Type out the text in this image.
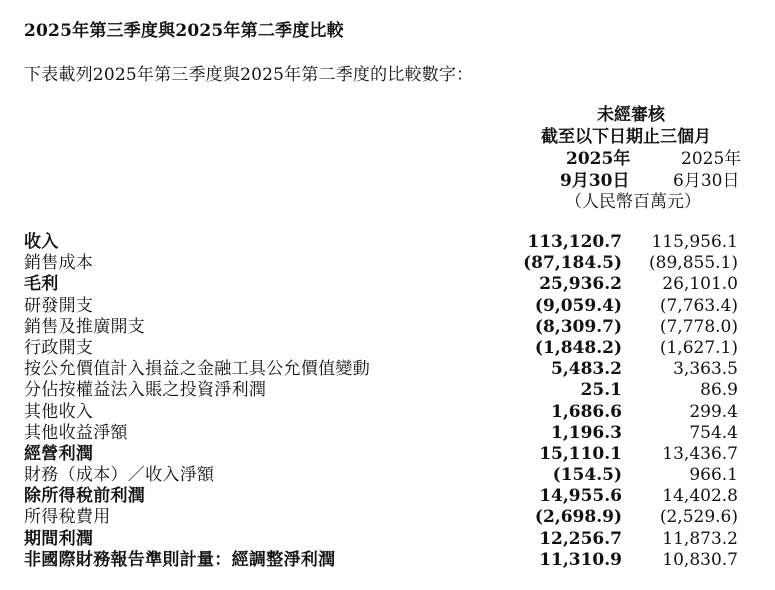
2025年第三季度與2025年第二季度比較
下表載列2025年第三季度與2025年第二季度的比較數字：
未經審核
截至以下日期止三個月
2025年	2025年
9月30日	6月30日
（人民幣百萬元）
收入	113,120.7 115,956.1
銷售成本	(87,184.5) (89,855.1)
毛利	25,936.2 26,101.0
研發開支	(9,059.4) (7,763.4)
銷售及推廣開支	(8,309.7) (7,778.0)
行政開支	(1,848.2) (1,627.1)
按公允價值計入損益之金融工具公允價值變動	5,483.2	3,363.5
分佔按權益法入賬之投資淨利潤	25.1	86.9
其他收入	1,686.6	299.4
其他收益淨額	1,196.3	754.4
經營利潤	15,110.1 13,436.7
財務（成本）／收入淨額	(154.5)	966.1
除所得稅前利潤	14,955.6 14,402.8
所得稅費用	(2,698.9) (2,529.6)
期間利潤	12,256.7 11,873.2
非國際財務報告準則計量：經調整淨利潤	11,310.9 10,830.7
